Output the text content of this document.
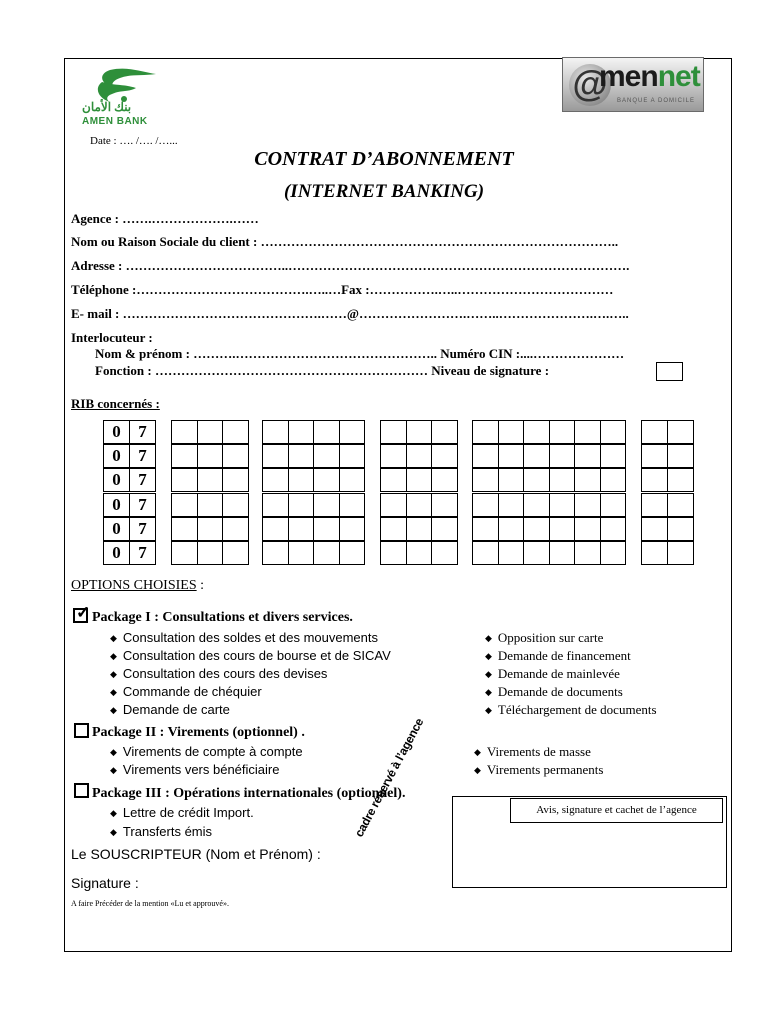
بنك الأمان
AMEN BANK
Date : …. /…. /…...
@
mennet
BANQUE A DOMICILE
CONTRAT D’ABONNEMENT
(INTERNET BANKING)
Agence : …….……………….……
Nom ou Raison Sociale du client : ………………………………………………………………………..
Adresse : ………………………………..…………………………………………………………………….
Téléphone :………………………………….…..…Fax :…………….…..………………………………
E- mail : ……………………………………….……@…………………….……..………………….….…..
Interlocuteur :
Nom & prénom : ……….……………………………………….. Numéro CIN :....…………………
Fonction : ……………………………………………………… Niveau de signature :
RIB concernés :
0	7
0	7
0	7
0	7
0	7
0	7
OPTIONS CHOISIES :
✓ Package I : Consultations et divers services.
◆ Consultation des soldes et des mouvements
◆ Consultation des cours de bourse et de SICAV
◆ Consultation des cours des devises
◆ Commande de chéquier
◆ Demande de carte
◆ Opposition sur carte
◆ Demande de financement
◆ Demande de mainlevée
◆ Demande de documents
◆ Téléchargement de documents
Package II : Virements (optionnel) .
◆ Virements de compte à compte
◆ Virements vers bénéficiaire
◆ Virements de masse
◆ Virements permanents
Package III : Opérations internationales (optionnel).
◆ Lettre de crédit Import.
◆ Transferts émis
Le SOUSCRIPTEUR (Nom et Prénom) :
Signature :
A faire Précéder de la mention «Lu et approuvé».
Avis, signature et cachet de l’agence
cadre réservé à l’agence
